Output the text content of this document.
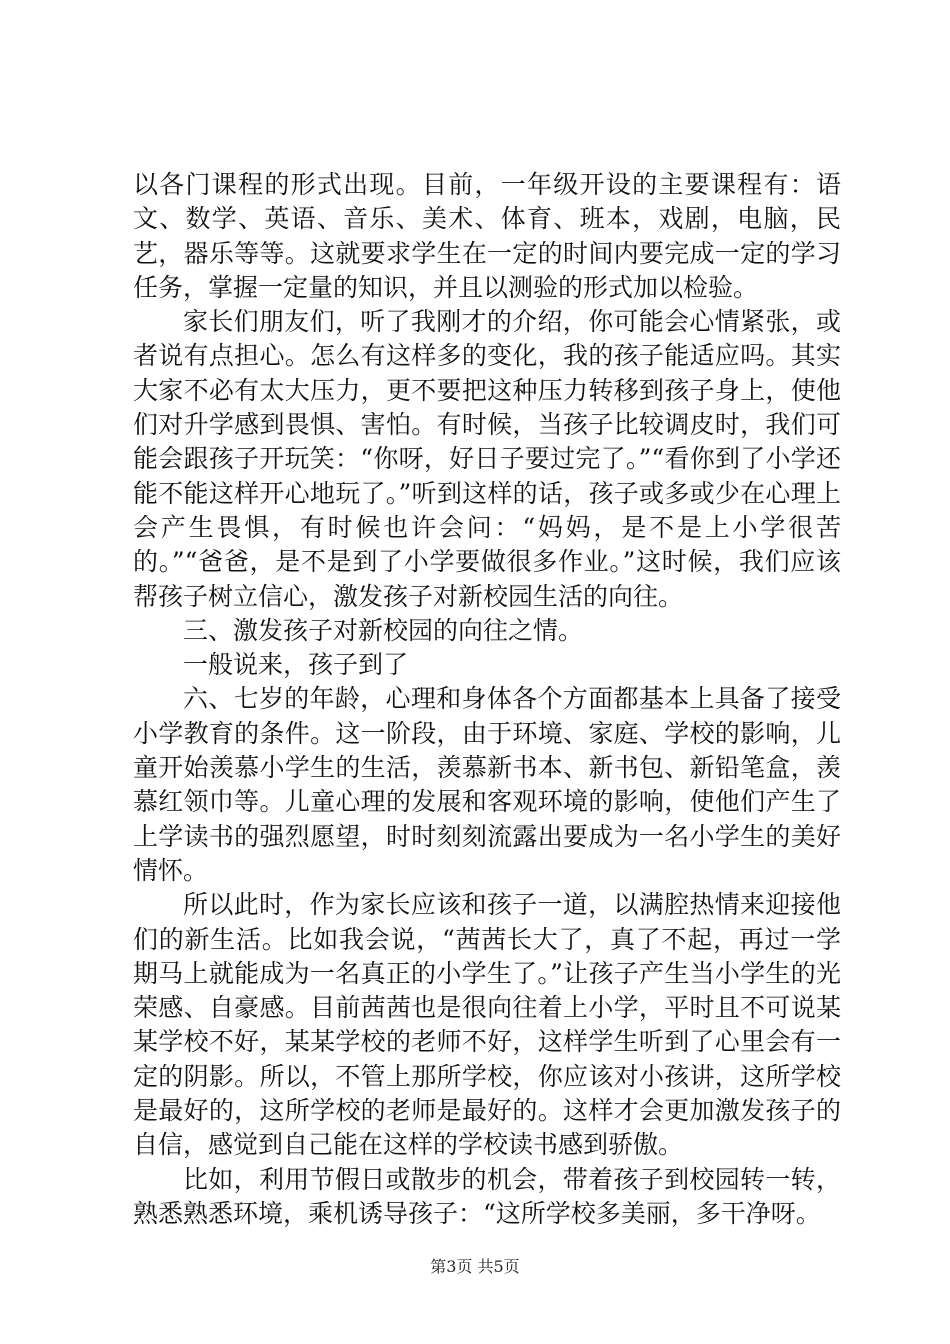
以各门课程的形式出现。目前，一年级开设的主要课程有：语文、数学、英语、音乐、美术、体育、班本，戏剧，电脑，民艺，器乐等等。这就要求学生在一定的时间内要完成一定的学习任务，掌握一定量的知识，并且以测验的形式加以检验。

家长们朋友们，听了我刚才的介绍，你可能会心情紧张，或者说有点担心。怎么有这样多的变化，我的孩子能适应吗。其实大家不必有太大压力，更不要把这种压力转移到孩子身上，使他们对升学感到畏惧、害怕。有时候，当孩子比较调皮时，我们可能会跟孩子开玩笑：“你呀，好日子要过完了。”“看你到了小学还能不能这样开心地玩了。”听到这样的话，孩子或多或少在心理上会产生畏惧，有时候也许会问：“妈妈，是不是上小学很苦的。”“爸爸，是不是到了小学要做很多作业。”这时候，我们应该帮孩子树立信心，激发孩子对新校园生活的向往。

三、激发孩子对新校园的向往之情。

一般说来，孩子到了

六、七岁的年龄，心理和身体各个方面都基本上具备了接受小学教育的条件。这一阶段，由于环境、家庭、学校的影响，儿童开始羡慕小学生的生活，羡慕新书本、新书包、新铅笔盒，羡慕红领巾等。儿童心理的发展和客观环境的影响，使他们产生了上学读书的强烈愿望，时时刻刻流露出要成为一名小学生的美好情怀。

所以此时，作为家长应该和孩子一道，以满腔热情来迎接他们的新生活。比如我会说，“茜茜长大了，真了不起，再过一学期马上就能成为一名真正的小学生了。”让孩子产生当小学生的光荣感、自豪感。目前茜茜也是很向往着上小学，平时且不可说某某学校不好，某某学校的老师不好，这样学生听到了心里会有一定的阴影。所以，不管上那所学校，你应该对小孩讲，这所学校是最好的，这所学校的老师是最好的。这样才会更加激发孩子的自信，感觉到自己能在这样的学校读书感到骄傲。

比如，利用节假日或散步的机会，带着孩子到校园转一转，熟悉熟悉环境，乘机诱导孩子：“这所学校多美丽，多干净呀。

第3页 共5页
